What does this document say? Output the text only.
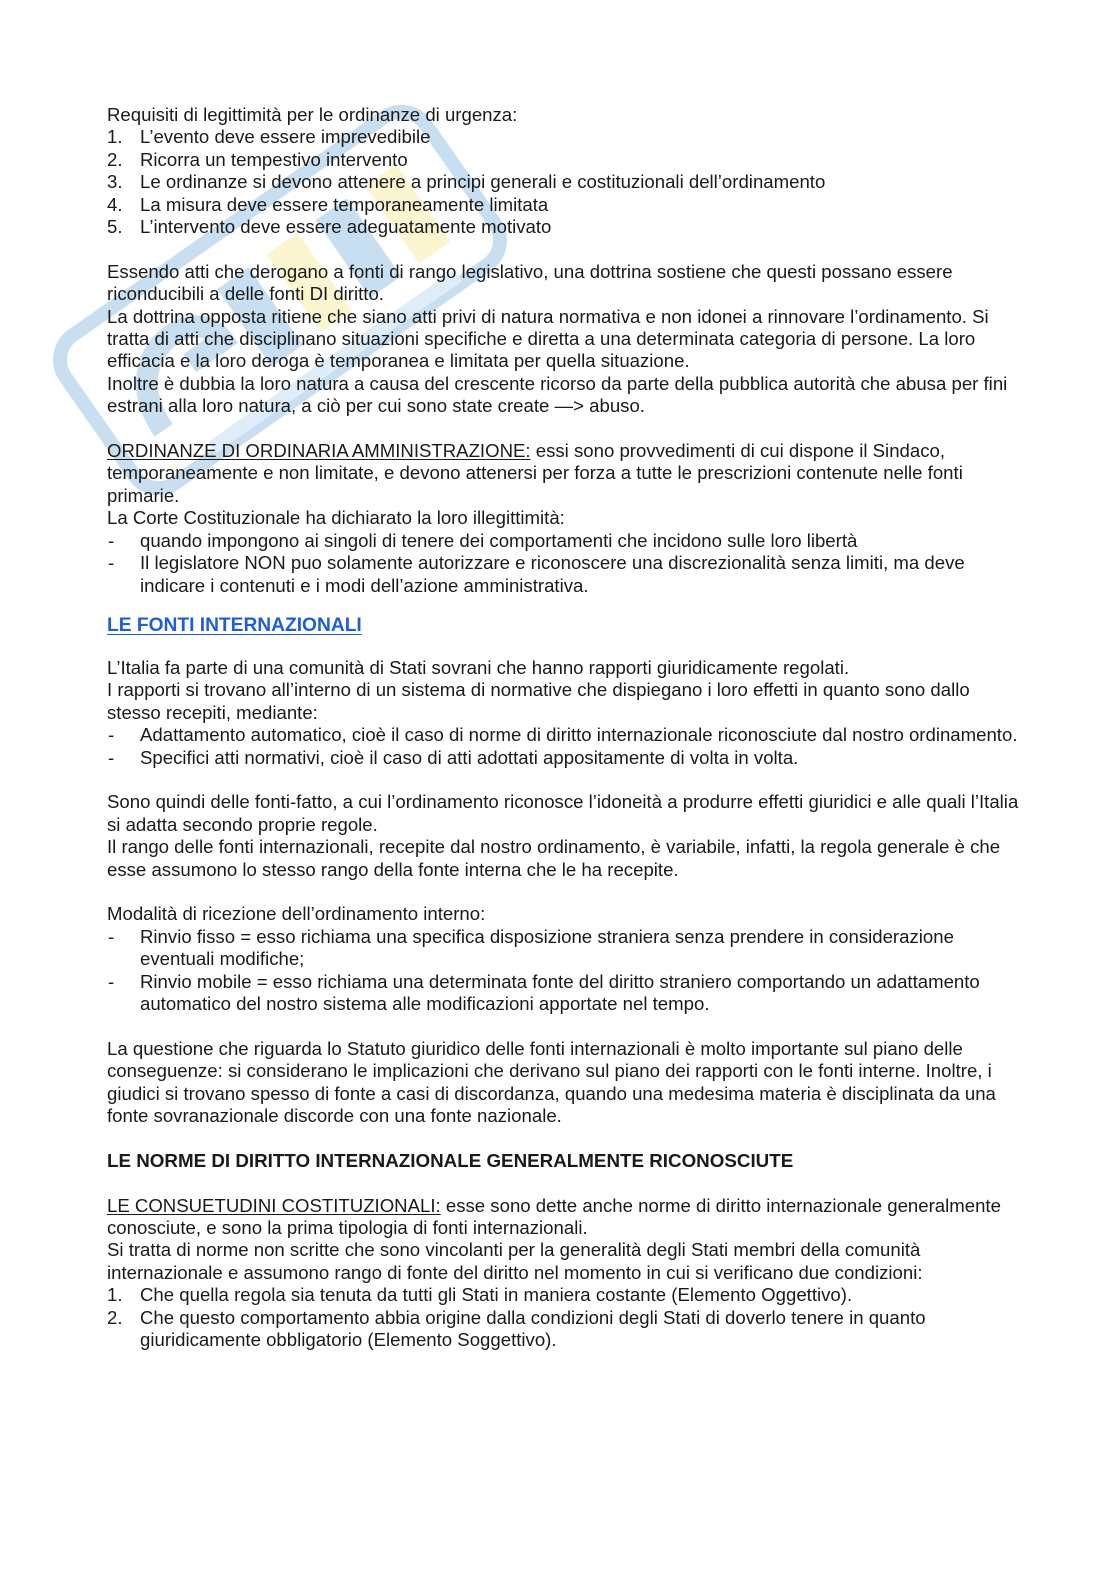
Requisiti di legittimità per le ordinanze di urgenza:

1. L’evento deve essere imprevedibile
2. Ricorra un tempestivo intervento
3. Le ordinanze si devono attenere a principi generali e costituzionali dell’ordinamento
4. La misura deve essere temporaneamente limitata
5. L’intervento deve essere adeguatamente motivato

Essendo atti che derogano a fonti di rango legislativo, una dottrina sostiene che questi possano essere riconducibili a delle fonti DI diritto.

La dottrina opposta ritiene che siano atti privi di natura normativa e non idonei a rinnovare l’ordinamento. Si tratta di atti che disciplinano situazioni specifiche e diretta a una determinata categoria di persone. La loro efficacia e la loro deroga è temporanea e limitata per quella situazione.

Inoltre è dubbia la loro natura a causa del crescente ricorso da parte della pubblica autorità che abusa per fini estrani alla loro natura, a ciò per cui sono state create —> abuso.

ORDINANZE DI ORDINARIA AMMINISTRAZIONE: essi sono provvedimenti di cui dispone il Sindaco, temporaneamente e non limitate, e devono attenersi per forza a tutte le prescrizioni contenute nelle fonti primarie.

La Corte Costituzionale ha dichiarato la loro illegittimità:

-	quando impongono ai singoli di tenere dei comportamenti che incidono sulle loro libertà
-	Il legislatore NON puo solamente autorizzare e riconoscere una discrezionalità senza limiti, ma deve indicare i contenuti e i modi dell’azione amministrativa.
LE FONTI INTERNAZIONALI

L’Italia fa parte di una comunità di Stati sovrani che hanno rapporti giuridicamente regolati.

I rapporti si trovano all’interno di un sistema di normative che dispiegano i loro effetti in quanto sono dallo stesso recepiti, mediante:

-	Adattamento automatico, cioè il caso di norme di diritto internazionale riconosciute dal nostro ordinamento.
-	Specifici atti normativi, cioè il caso di atti adottati appositamente di volta in volta.

Sono quindi delle fonti-fatto, a cui l’ordinamento riconosce l’idoneità a produrre effetti giuridici e alle quali l’Italia si adatta secondo proprie regole.

Il rango delle fonti internazionali, recepite dal nostro ordinamento, è variabile, infatti, la regola generale è che esse assumono lo stesso rango della fonte interna che le ha recepite.

Modalità di ricezione dell’ordinamento interno:

-	Rinvio fisso = esso richiama una specifica disposizione straniera senza prendere in considerazione eventuali modifiche;
-	Rinvio mobile = esso richiama una determinata fonte del diritto straniero comportando un adattamento automatico del nostro sistema alle modificazioni apportate nel tempo.

La questione che riguarda lo Statuto giuridico delle fonti internazionali è molto importante sul piano delle conseguenze: si considerano le implicazioni che derivano sul piano dei rapporti con le fonti interne. Inoltre, i giudici si trovano spesso di fonte a casi di discordanza, quando una medesima materia è disciplinata da una fonte sovranazionale discorde con una fonte nazionale.

LE NORME DI DIRITTO INTERNAZIONALE GENERALMENTE RICONOSCIUTE

LE CONSUETUDINI COSTITUZIONALI: esse sono dette anche norme di diritto internazionale generalmente conosciute, e sono la prima tipologia di fonti internazionali.

Si tratta di norme non scritte che sono vincolanti per la generalità degli Stati membri della comunità internazionale e assumono rango di fonte del diritto nel momento in cui si verificano due condizioni:

1. Che quella regola sia tenuta da tutti gli Stati in maniera costante (Elemento Oggettivo).
2. Che questo comportamento abbia origine dalla condizioni degli Stati di doverlo tenere in quanto giuridicamente obbligatorio (Elemento Soggettivo).
